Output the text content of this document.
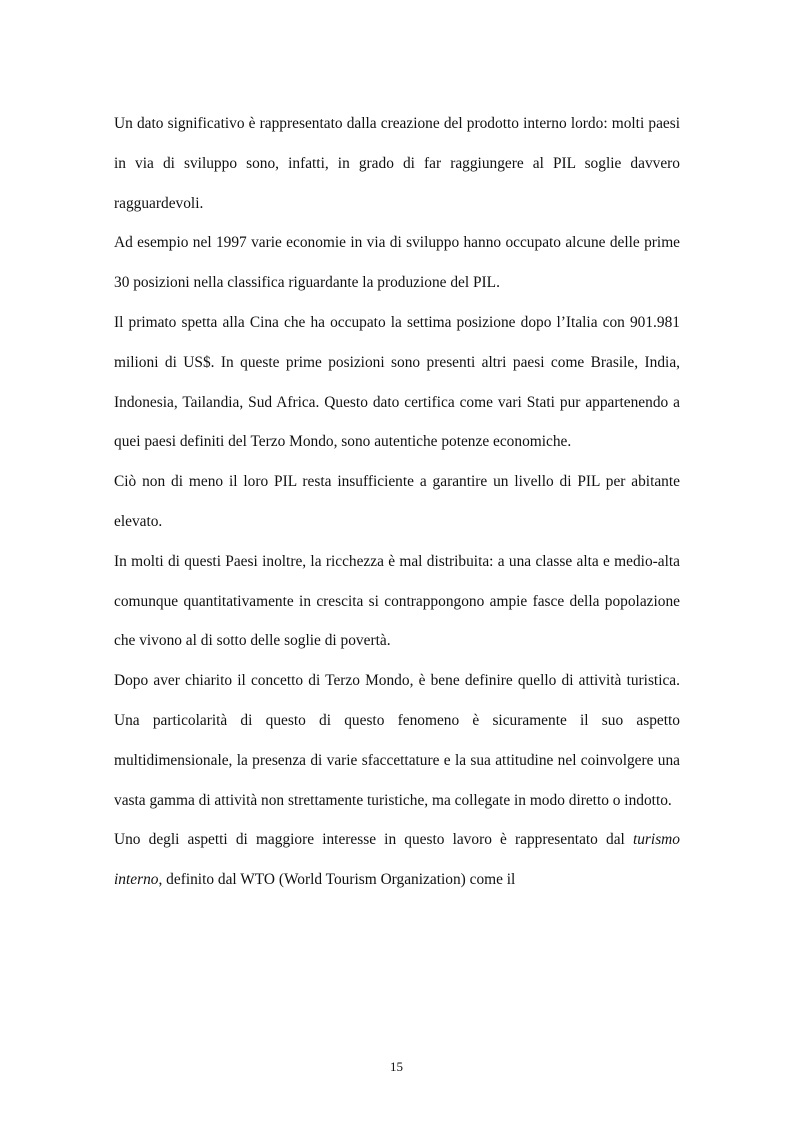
Un dato significativo è rappresentato dalla creazione del prodotto interno lordo: molti paesi in via di sviluppo sono, infatti, in grado di far raggiungere al PIL soglie davvero ragguardevoli.

Ad esempio nel 1997 varie economie in via di sviluppo hanno occupato alcune delle prime 30 posizioni nella classifica riguardante la produzione del PIL.

Il primato spetta alla Cina che ha occupato la settima posizione dopo l’Italia con 901.981 milioni di US$. In queste prime posizioni sono presenti altri paesi come Brasile, India, Indonesia, Tailandia, Sud Africa. Questo dato certifica come vari Stati pur appartenendo a quei paesi definiti del Terzo Mondo, sono autentiche potenze economiche.

Ciò non di meno il loro PIL resta insufficiente a garantire un livello di PIL per abitante elevato.

In molti di questi Paesi inoltre, la ricchezza è mal distribuita: a una classe alta e medio-alta comunque quantitativamente in crescita si contrappongono ampie fasce della popolazione che vivono al di sotto delle soglie di povertà.

Dopo aver chiarito il concetto di Terzo Mondo, è bene definire quello di attività turistica. Una particolarità di questo di questo fenomeno è sicuramente il suo aspetto multidimensionale, la presenza di varie sfaccettature e la sua attitudine nel coinvolgere una vasta gamma di attività non strettamente turistiche, ma collegate in modo diretto o indotto.

Uno degli aspetti di maggiore interesse in questo lavoro è rappresentato dal turismo interno, definito dal WTO (World Tourism Organization) come il

15
